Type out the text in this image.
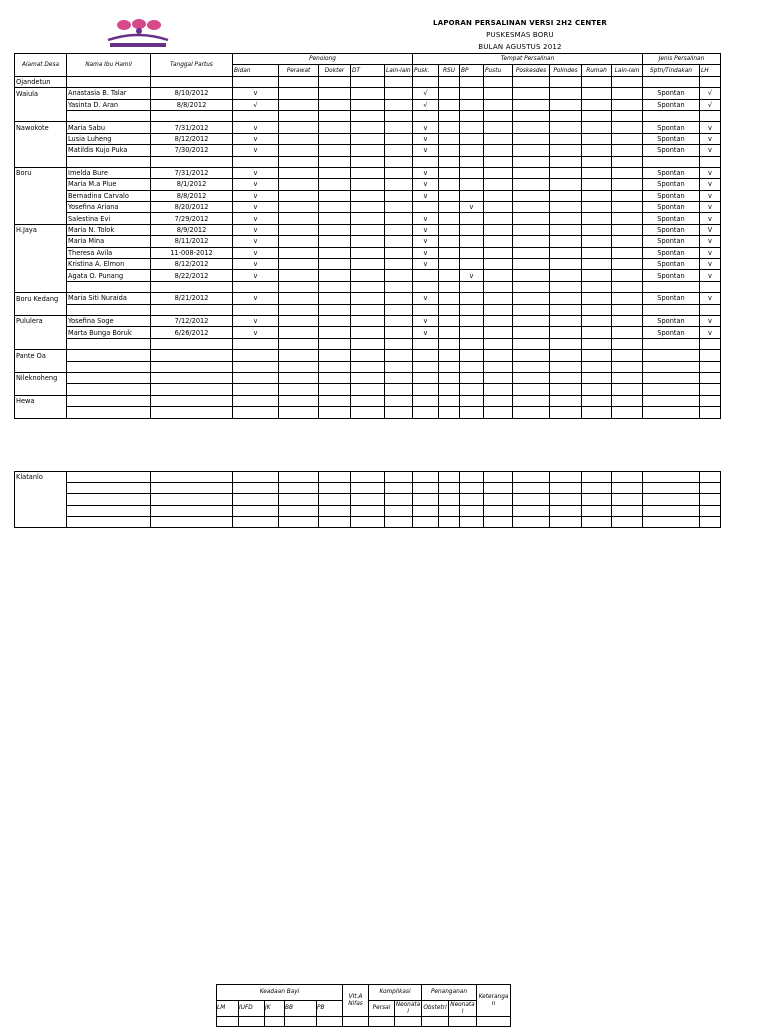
LAPORAN PERSALINAN VERSI 2H2 CENTER
PUSKESMAS BORU
BULAN AGUSTUS 2012
Alamat Desa	Nama Ibu Hamil	Tanggal Partus	Penolong					Tempat Persalinan								Jenis Persalinan	
			Bidan	Perawat	Dokter	DT	Lain-lain	Pusk.	RSU	BP	Pustu	Poskesdes	Polindes	Rumah	Lain-lain	Sptn/Tindakan	LH
Ojandetun																	
Waiula	Anastasia B. Talar	8/10/2012	v					√								Spontan	√
	Yasinta D. Aran	8/8/2012	√					√								Spontan	√

Nawokote	Maria Sabu	7/31/2012	v					v								Spontan	v
	Lusia Luheng	8/12/2012	v					v								Spontan	v
	Matildis Kujo Puka	7/30/2012	v					v								Spontan	v

Boru	Imelda Bure	7/31/2012	v					v								Spontan	v
	Maria M.a Plue	8/1/2012	v					v								Spontan	v
	Bernadina Carvalo	8/8/2012	v					v								Spontan	v
	Yosefina Ariana	8/20/2012	v							v						Spontan	v
	Salestina Evi	7/29/2012	v					v								Spontan	v
H.Jaya	Maria N. Tolok	8/9/2012	v					v								Spontan	V
	Maria Mina	8/11/2012	v					v								Spontan	v
	Theresa Avila	11-008-2012	v					v								Spontan	v
	Kristina A. Elmon	8/12/2012	v					v								Spontan	v
	Agata O. Punang	8/22/2012	v							v						Spontan	v

Boru Kedang	Maria Siti Nuraida	8/21/2012	v					v								Spontan	v

Pululera	Yosefina Soge	7/12/2012	v					v								Spontan	v
	Marta Bunga Boruk	6/26/2012	v					v								Spontan	v

Pante Oa																	

Nileknoheng																	

Hewa																	

Klatanlo																	

Keadaan Bayi					VIt.A Nifas	Komplikasi		Penanganan		Keteranga n
LM	IUFD	JK	BB	PB		Persal	Neonata l	Obstetri	Neonata l	
